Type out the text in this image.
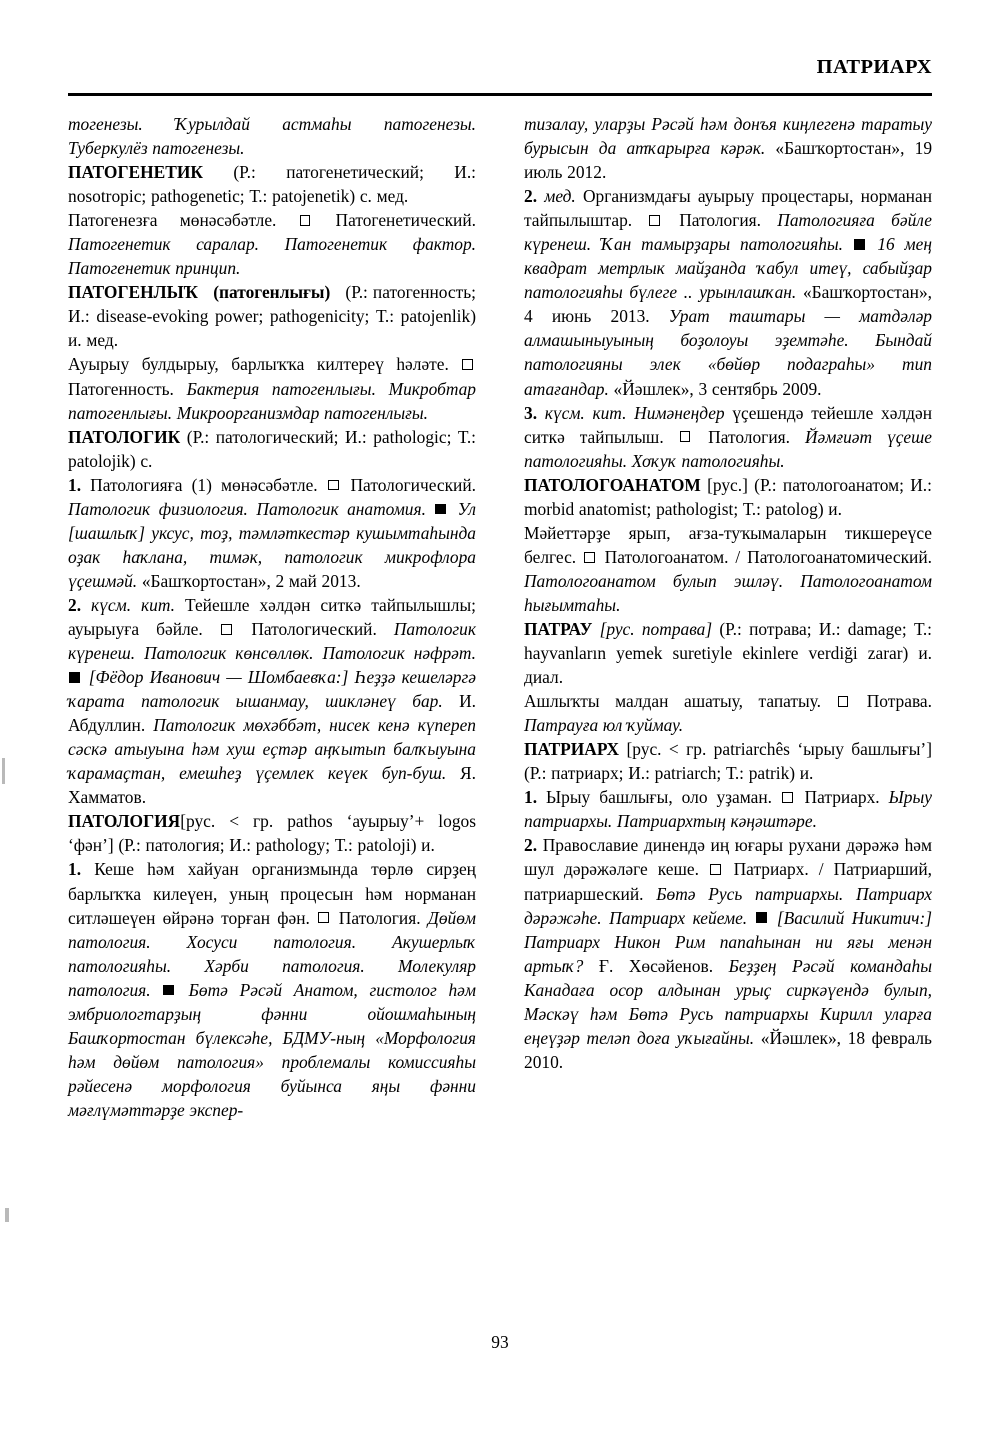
ПАТРИАРХ

тогенезы. Ҡурылдай астмаһы патогенезы. Туберкулёз патогенезы.

ПАТОГЕНЕТИК (Р.: патогенетический; И.: nosotropic; pathogenetic; Т.: patojenetik) с. мед.

Патогенезға мөнәсәбәтле.  Патогенетический. Патогенетик саралар. Патогенетик фактор. Патогенетик принцип.

ПАТОГЕНЛЫҠ (патогенлығы) (Р.: патогенность; И.: disease-evoking power; pathogenicity; Т.: patojenlik) и. мед.

Ауырыу булдырыу, барлыҡҡа килтереү һәләте.  Патогенность. Бактерия патогенлығы. Микробтар патогенлығы. Микроорганизмдар патогенлығы.

ПАТОЛОГИК (Р.: патологический; И.: pathologic; Т.: patolojik) с.

1. Патологияға (1) мөнәсәбәтле.  Патологический. Патологик физиология. Патологик анатомия. Ул [шашлыҡ] уксус, тоҙ, тәмләткестәр кушымтаһында оҙак һаҡлана, тимәк, патологик микрофлора үҫешмәй. «Башҡортостан», 2 май 2013.

2. күсм. кит. Тейешле хәлдән ситкә тайпылышлы; ауырыуға бәйле.  Патологический. Патологик күренеш. Патологик көнсөллөк. Патологик нәфрәт.  [Фёдор Иванович — Шомбаевҡа:] Һеҙҙә кешеләргә ҡарата патологик ышанмау, шикләнеү бар. И. Абдуллин. Патологик мөхәббәт, нисек кенә күпереп сәскә атыуына һәм хуш еҫтәр аңҡытып балҡыуына ҡарамаҫтан, емешһеҙ үҫемлек кеүек буп-буш. Я. Хамматов.

ПАТОЛОГИЯ[рус. < гр. pathos ‘ауырыу’+ logos ‘фән’] (Р.: патология; И.: pathology; Т.: patoloji) и.

1. Кеше һәм хайуан организмында төрлө сирҙең барлыҡҡа килеүен, уның процесын һәм норманан ситләшеүен өйрәнә торған фән.  Патология. Дөйөм патология. Хосуси патология. Акушерлыҡ патологияһы. Хәрби патология. Молекуляр патология. Бөтә Рәсәй Анатом, гистолог һәм эмбриологтарҙың фәнни ойошмаһының Башҡортостан бүлексәһе, БДМУ-ның «Морфология һәм дөйөм патология» проблемалы комиссияһы рәйесенә морфология буйынса яңы фәнни мәғлүмәттәрҙе экспер-

тизалау, уларҙы Рәсәй һәм донъя киңлегенә таратыу бурысын да атҡарырға кәрәк. «Башҡортостан», 19 июль 2012.

2. мед. Организмдағы ауырыу процестары, норманан тайпылыштар.  Патология. Патологияға бәйле күренеш. Ҡан тамырҙары патологияһы. 16 мең квадрат метрлык майҙанда ҡабул итеү, сабыйҙар патологияһы бүлеге .. урынлашҡан. «Башҡортостан», 4 июнь 2013. Урат таштары — матдәләр алмашыныуының боҙолоуы эҙемтәһе. Бындай патологияны элек «бөйөр подаграһы» тип атағандар. «Йәшлек», 3 сентябрь 2009.

3. күсм. кит. Нимәнеңдер үҫешендә тейешле хәлдән ситкә тайпылыш.  Патология. Йәмғиәт үҫеше патологияһы. Хоҡуҡ патологияһы.

ПАТОЛОГОАНАТОМ [рус.] (Р.: патологоанатом; И.: morbid anatomist; pathologist; Т.: patolog) и.

Мәйеттәрҙе ярып, ағза-туҡымаларын тикшереүсе белгес.  Патологоанатом. / Патологоанатомический. Патологоанатом булып эшләү. Патологоанатом һығымтаһы.

ПАТРАУ [рус. потрава] (Р.: потрава; И.: damage; Т.: hayvanların yemek suretiyle ekinlere verdiği zarar) и. диал.

Ашлыҡты малдан ашатыу, тапатыу.  Потрава. Патрауға юл ҡуймау.

ПАТРИАРХ [рус. < гр. patriarchês ‘ырыу башлығы’] (Р.: патриарх; И.: patriarch; Т.: patrik) и.

1. Ырыу башлығы, оло уҙаман.  Патриарх. Ырыу патриархы. Патриархтың кәңәштәре.

2. Православие динендә иң юғары рухани дәрәжә һәм шул дәрәжәләге кеше.  Патриарх. / Патриарший, патриаршеский. Бөтә Русь патриархы. Патриарх дәрәжәһе. Патриарх кейеме. [Василий Никитич:] Патриарх Никон Рим папаһынан ни яғы менән артыҡ? Ғ. Хөсәйенов. Беҙҙең Рәсәй командаһы Канадаға осор алдынан урыҫ сиркәүендә булып, Мәскәү һәм Бөтә Русь патриархы Кирилл уларға еңеүҙәр теләп доға уҡығайны. «Йәшлек», 18 февраль 2010.

93
